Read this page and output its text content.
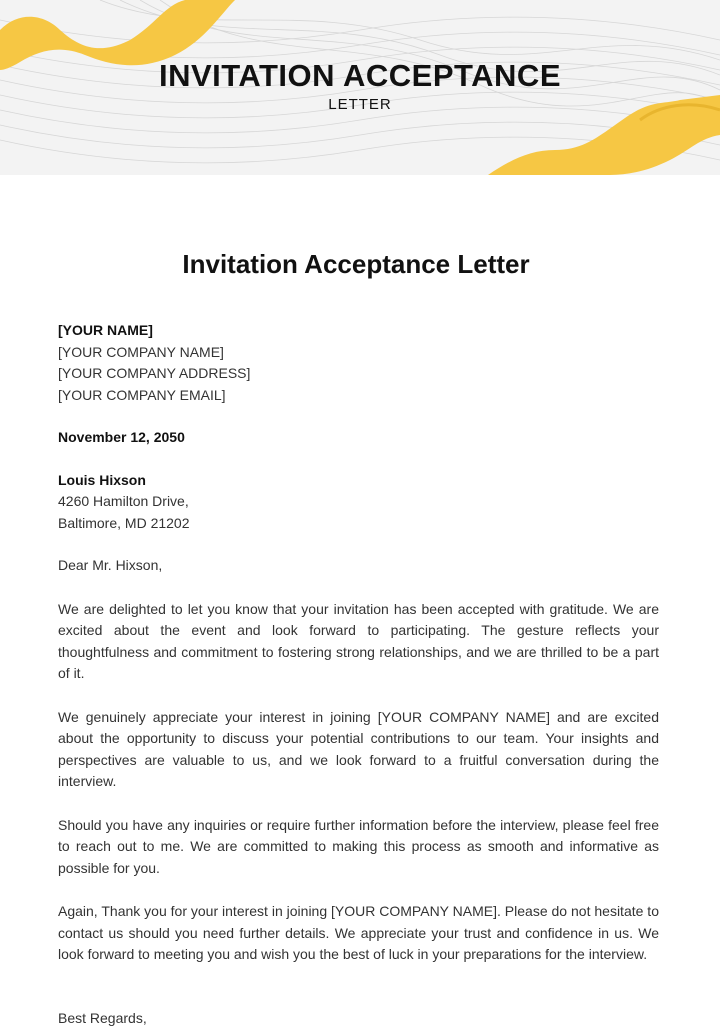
INVITATION ACCEPTANCE
LETTER
Invitation Acceptance Letter

[YOUR NAME]

[YOUR COMPANY NAME]

[YOUR COMPANY ADDRESS]

[YOUR COMPANY EMAIL]

November 12, 2050

Louis Hixson

4260 Hamilton Drive,

Baltimore, MD 21202

Dear Mr. Hixson,

We are delighted to let you know that your invitation has been accepted with gratitude. We are excited about the event and look forward to participating. The gesture reflects your thoughtfulness and commitment to fostering strong relationships, and we are thrilled to be a part of it.

We genuinely appreciate your interest in joining [YOUR COMPANY NAME] and are excited about the opportunity to discuss your potential contributions to our team. Your insights and perspectives are valuable to us, and we look forward to a fruitful conversation during the interview.

Should you have any inquiries or require further information before the interview, please feel free to reach out to me. We are committed to making this process as smooth and informative as possible for you.

Again, Thank you for your interest in joining [YOUR COMPANY NAME]. Please do not hesitate to contact us should you need further details. We appreciate your trust and confidence in us. We look forward to meeting you and wish you the best of luck in your preparations for the interview.

Best Regards,
